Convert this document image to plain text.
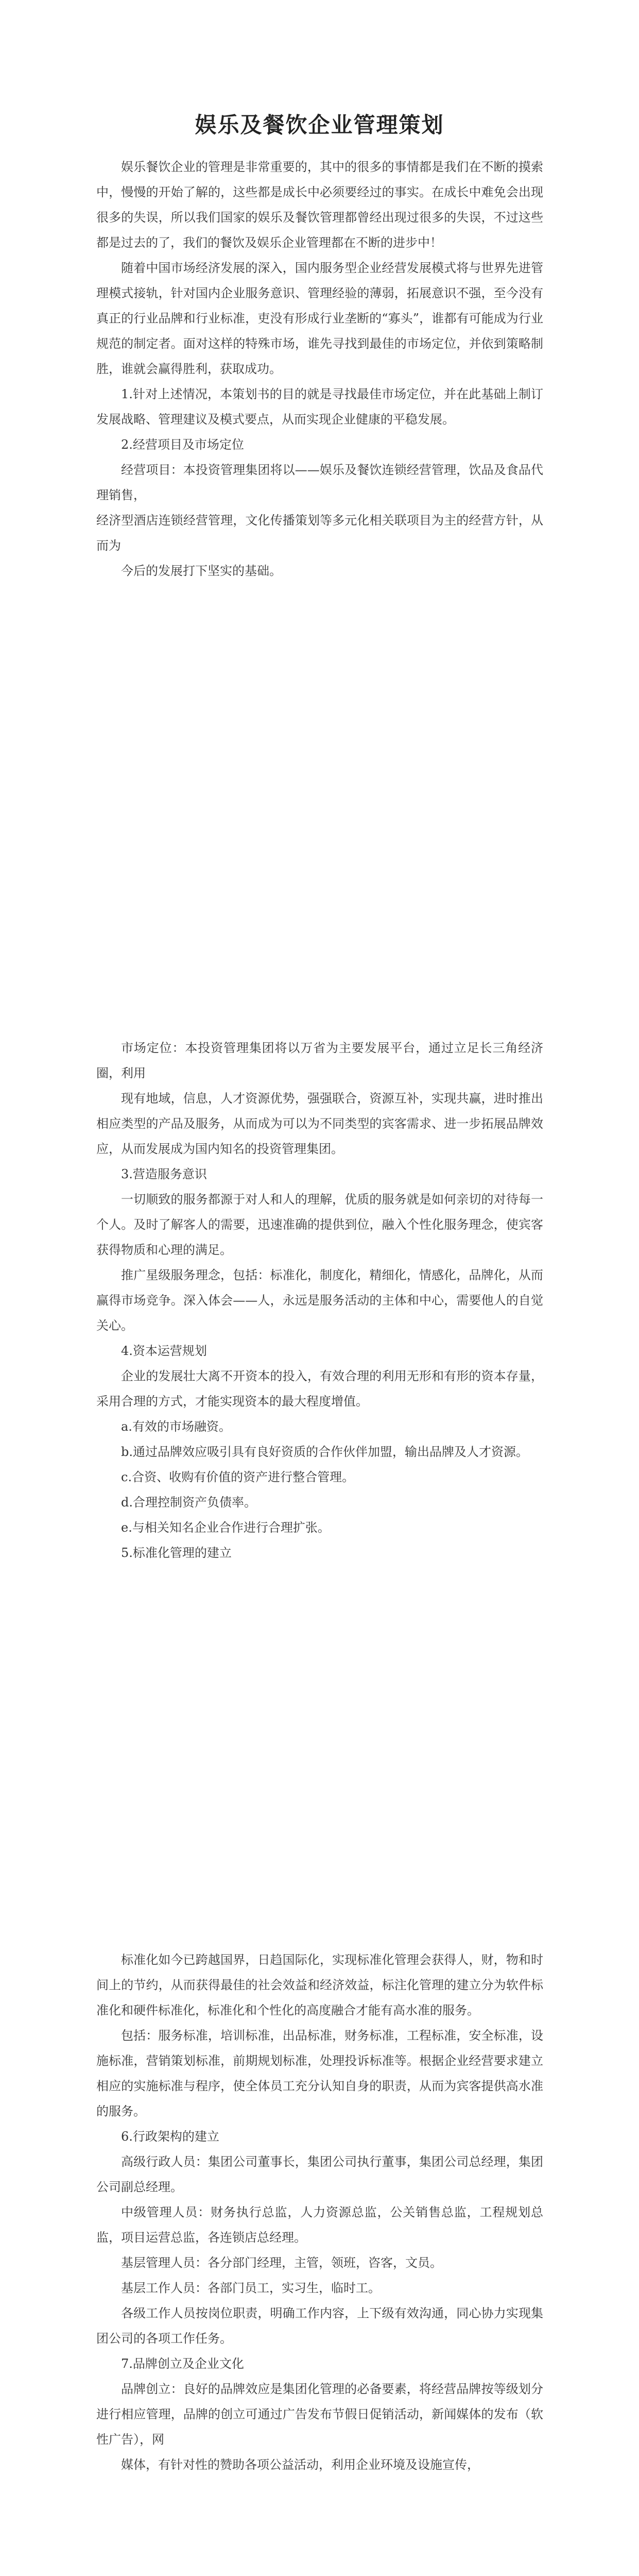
娱乐及餐饮企业管理策划

娱乐餐饮企业的管理是非常重要的，其中的很多的事情都是我们在不断的摸索中，慢慢的开始了解的，这些都是成长中必须要经过的事实。在成长中难免会出现很多的失误，所以我们国家的娱乐及餐饮管理都曾经出现过很多的失误，不过这些都是过去的了，我们的餐饮及娱乐企业管理都在不断的进步中！

随着中国市场经济发展的深入，国内服务型企业经营发展模式将与世界先进管理模式接轨，针对国内企业服务意识、管理经验的薄弱，拓展意识不强，至今没有真正的行业品牌和行业标准，吏没有形成行业垄断的“寡头”，谁都有可能成为行业规范的制定者。面对这样的特殊市场，谁先寻找到最佳的市场定位，并依到策略制胜，谁就会赢得胜利，获取成功。

1.针对上述情况，本策划书的目的就是寻找最佳市场定位，并在此基础上制订发展战略、管理建议及模式要点，从而实现企业健康的平稳发展。

2.经营项目及市场定位

经营项目：本投资管理集团将以——娱乐及餐饮连锁经营管理，饮品及食品代理销售，

经济型酒店连锁经营管理，文化传播策划等多元化相关联项目为主的经营方针，从而为

今后的发展打下坚实的基础。

市场定位：本投资管理集团将以万省为主要发展平台，通过立足长三角经济圈，利用

现有地域，信息，人才资源优势，强强联合，资源互补，实现共赢，进时推出相应类型的产品及服务，从而成为可以为不同类型的宾客需求、进一步拓展品牌效应，从而发展成为国内知名的投资管理集团。

3.营造服务意识

一切顺致的服务都源于对人和人的理解，优质的服务就是如何亲切的对待每一个人。及时了解客人的需要，迅速准确的提供到位，融入个性化服务理念，使宾客获得物质和心理的满足。

推广星级服务理念，包括：标准化，制度化，精细化，情感化，品牌化，从而赢得市场竞争。深入体会——人，永远是服务活动的主体和中心，需要他人的自觉关心。

4.资本运营规划

企业的发展壮大离不开资本的投入，有效合理的利用无形和有形的资本存量，采用合理的方式，才能实现资本的最大程度增值。

a.有效的市场融资。

b.通过品牌效应吸引具有良好资质的合作伙伴加盟，输出品牌及人才资源。

c.合资、收购有价值的资产进行整合管理。

d.合理控制资产负债率。

e.与相关知名企业合作进行合理扩张。

5.标准化管理的建立

标准化如今已跨越国界，日趋国际化，实现标准化管理会获得人，财，物和时间上的节约，从而获得最佳的社会效益和经济效益，标注化管理的建立分为软件标准化和硬件标准化，标准化和个性化的高度融合才能有高水准的服务。

包括：服务标准，培训标准，出品标准，财务标准，工程标准，安全标准，设施标准，营销策划标准，前期规划标准，处理投诉标准等。根据企业经营要求建立相应的实施标准与程序，使全体员工充分认知自身的职责，从而为宾客提供高水准的服务。

6.行政架构的建立

高级行政人员：集团公司董事长，集团公司执行董事，集团公司总经理，集团公司副总经理。

中级管理人员：财务执行总监，人力资源总监，公关销售总监，工程规划总监，项目运营总监，各连锁店总经理。

基层管理人员：各分部门经理，主管，领班，咨客，文员。

基层工作人员：各部门员工，实习生，临时工。

各级工作人员按岗位职责，明确工作内容，上下级有效沟通，同心协力实现集团公司的各项工作任务。

7.品牌创立及企业文化

品牌创立：良好的品牌效应是集团化管理的必备要素，将经营品牌按等级划分进行相应管理，品牌的创立可通过广告发布节假日促销活动，新闻媒体的发布（软性广告），网

媒体，有针对性的赞助各项公益活动，利用企业环境及设施宣传，
